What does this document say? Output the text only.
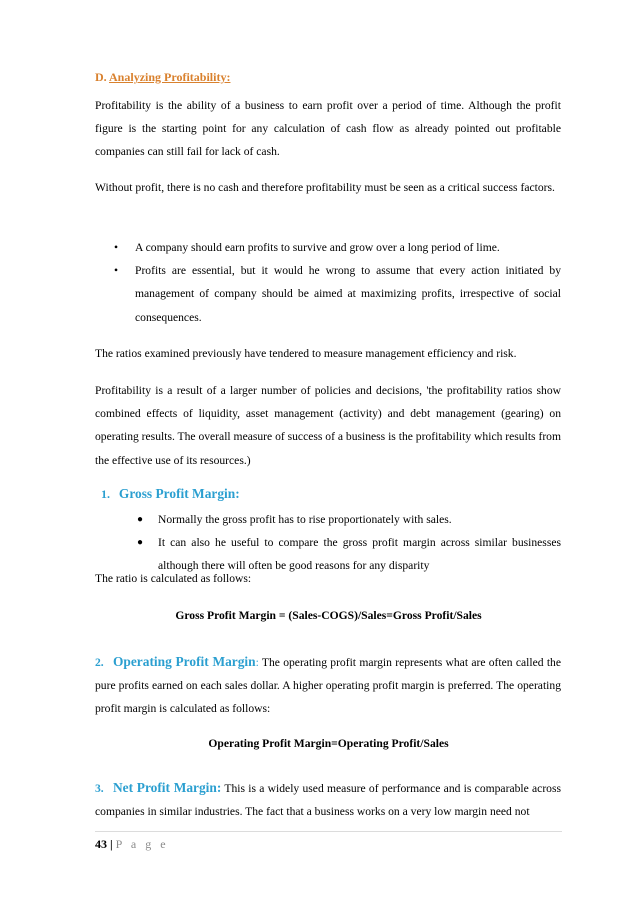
D. Analyzing Profitability:

Profitability is the ability of a business to earn profit over a period of time. Although the profit figure is the starting point for any calculation of cash flow as already pointed out profitable companies can still fail for lack of cash.

Without profit, there is no cash and therefore profitability must be seen as a critical success factors.

• A company should earn profits to survive and grow over a long period of lime.
• Profits are essential, but it would he wrong to assume that every action initiated by management of company should be aimed at maximizing profits, irrespective of social consequences.

The ratios examined previously have tendered to measure management efficiency and risk.

Profitability is a result of a larger number of policies and decisions, 'the profitability ratios show combined effects of liquidity, asset management (activity) and debt management (gearing) on operating results. The overall measure of success of a business is the profitability which results from the effective use of its resources.)

1. Gross Profit Margin:
● Normally the gross profit has to rise proportionately with sales.
● It can also he useful to compare the gross profit margin across similar businesses although there will often be good reasons for any disparity

The ratio is calculated as follows:

Gross Profit Margin = (Sales-COGS)/Sales=Gross Profit/Sales

2. Operating Profit Margin: The operating profit margin represents what are often called the pure profits earned on each sales dollar. A higher operating profit margin is preferred. The operating profit margin is calculated as follows:

Operating Profit Margin=Operating Profit/Sales

3. Net Profit Margin: This is a widely used measure of performance and is comparable across companies in similar industries. The fact that a business works on a very low margin need not

43 | P a g e
